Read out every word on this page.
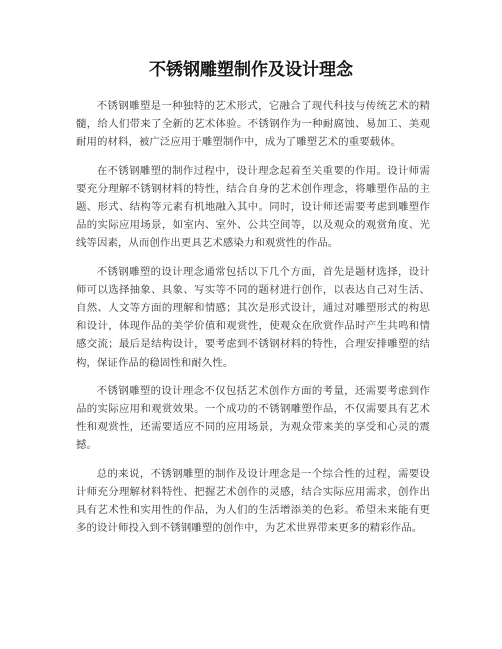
不锈钢雕塑制作及设计理念

不锈钢雕塑是一种独特的艺术形式，它融合了现代科技与传统艺术的精髓，给人们带来了全新的艺术体验。不锈钢作为一种耐腐蚀、易加工、美观耐用的材料，被广泛应用于雕塑制作中，成为了雕塑艺术的重要载体。

在不锈钢雕塑的制作过程中，设计理念起着至关重要的作用。设计师需要充分理解不锈钢材料的特性，结合自身的艺术创作理念，将雕塑作品的主题、形式、结构等元素有机地融入其中。同时，设计师还需要考虑到雕塑作品的实际应用场景，如室内、室外、公共空间等，以及观众的观赏角度、光线等因素，从而创作出更具艺术感染力和观赏性的作品。

不锈钢雕塑的设计理念通常包括以下几个方面，首先是题材选择，设计师可以选择抽象、具象、写实等不同的题材进行创作，以表达自己对生活、自然、人文等方面的理解和情感；其次是形式设计，通过对雕塑形式的构思和设计，体现作品的美学价值和观赏性，使观众在欣赏作品时产生共鸣和情感交流；最后是结构设计，要考虑到不锈钢材料的特性，合理安排雕塑的结构，保证作品的稳固性和耐久性。

不锈钢雕塑的设计理念不仅包括艺术创作方面的考量，还需要考虑到作品的实际应用和观赏效果。一个成功的不锈钢雕塑作品，不仅需要具有艺术性和观赏性，还需要适应不同的应用场景，为观众带来美的享受和心灵的震撼。

总的来说，不锈钢雕塑的制作及设计理念是一个综合性的过程，需要设计师充分理解材料特性、把握艺术创作的灵感，结合实际应用需求，创作出具有艺术性和实用性的作品，为人们的生活增添美的色彩。希望未来能有更多的设计师投入到不锈钢雕塑的创作中，为艺术世界带来更多的精彩作品。
